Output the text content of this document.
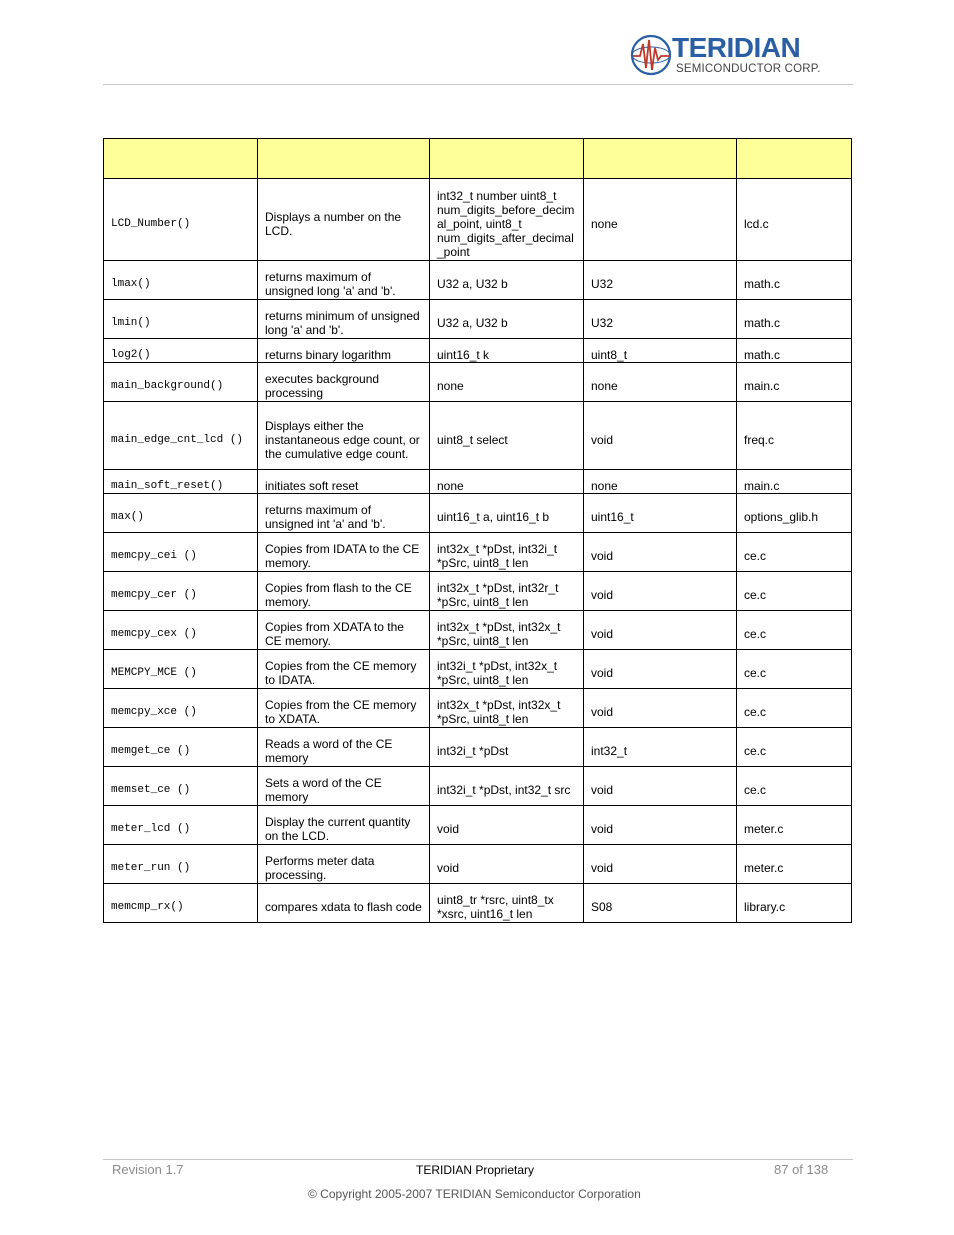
TERIDIAN
SEMICONDUCTOR CORP.

LCD_Number()	Displays a number on the LCD.	int32_t number uint8_t num_digits_before_decimal_point, uint8_t num_digits_after_decimal_point	none	lcd.c

lmax()	returns maximum of unsigned long 'a' and 'b'.	U32 a, U32 b	U32	math.c

lmin()	returns minimum of unsigned long 'a' and 'b'.	U32 a, U32 b	U32	math.c

log2()	returns binary logarithm	uint16_t k	uint8_t	math.c

main_background()	executes background processing	none	none	main.c

main_edge_cnt_lcd ()	Displays either the instantaneous edge count, or the cumulative edge count.	uint8_t select	void	freq.c

main_soft_reset()	initiates soft reset	none	none	main.c

max()	returns maximum of unsigned int 'a' and 'b'.	uint16_t a, uint16_t b	uint16_t	options_glib.h

memcpy_cei ()	Copies from IDATA to the CE memory.	int32x_t *pDst, int32i_t *pSrc, uint8_t len	void	ce.c

memcpy_cer ()	Copies from flash to the CE memory.	int32x_t *pDst, int32r_t *pSrc, uint8_t len	void	ce.c

memcpy_cex ()	Copies from XDATA to the CE memory.	int32x_t *pDst, int32x_t *pSrc, uint8_t len	void	ce.c

MEMCPY_MCE ()	Copies from the CE memory to IDATA.	int32i_t *pDst, int32x_t *pSrc, uint8_t len	void	ce.c

memcpy_xce ()	Copies from the CE memory to XDATA.	int32x_t *pDst, int32x_t *pSrc, uint8_t len	void	ce.c

memget_ce ()	Reads a word of the CE memory	int32i_t *pDst	int32_t	ce.c

memset_ce ()	Sets a word of the CE memory	int32i_t *pDst, int32_t src	void	ce.c

meter_lcd ()	Display the current quantity on the LCD.	void	void	meter.c

meter_run ()	Performs meter data processing.	void	void	meter.c

memcmp_rx()	compares xdata to flash code	uint8_tr *rsrc, uint8_tx *xsrc, uint16_t len	S08	library.c
Revision 1.7	TERIDIAN Proprietary	87 of 138
© Copyright 2005-2007 TERIDIAN Semiconductor Corporation
